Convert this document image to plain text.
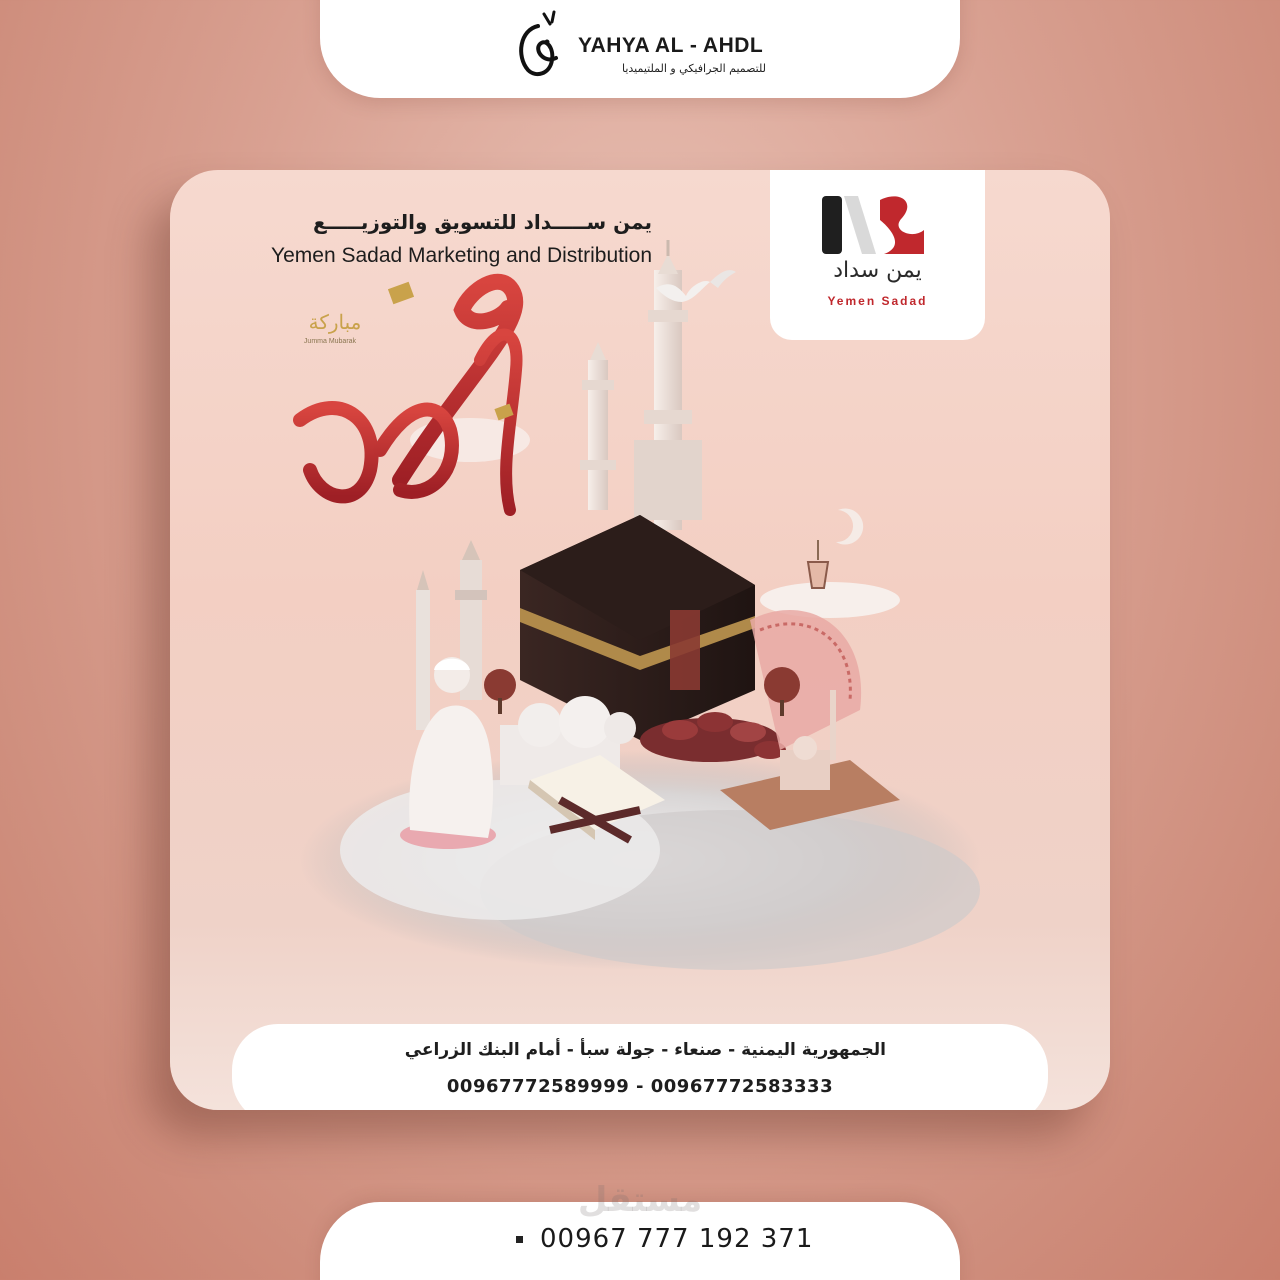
YAHYA AL - AHDL
للتصميم الجرافيكي و الملتيميديا
يمن سداد
Yemen Sadad
يمن ســـــداد للتسويق والتوزيـــــع
Yemen Sadad Marketing and Distribution
مباركة
Jumma Mubarak
الجمهورية اليمنية - صنعاء - جولة سبأ - أمام البنك الزراعي
00967772589999 - 00967772583333
مستقل
00967 777 192 371
